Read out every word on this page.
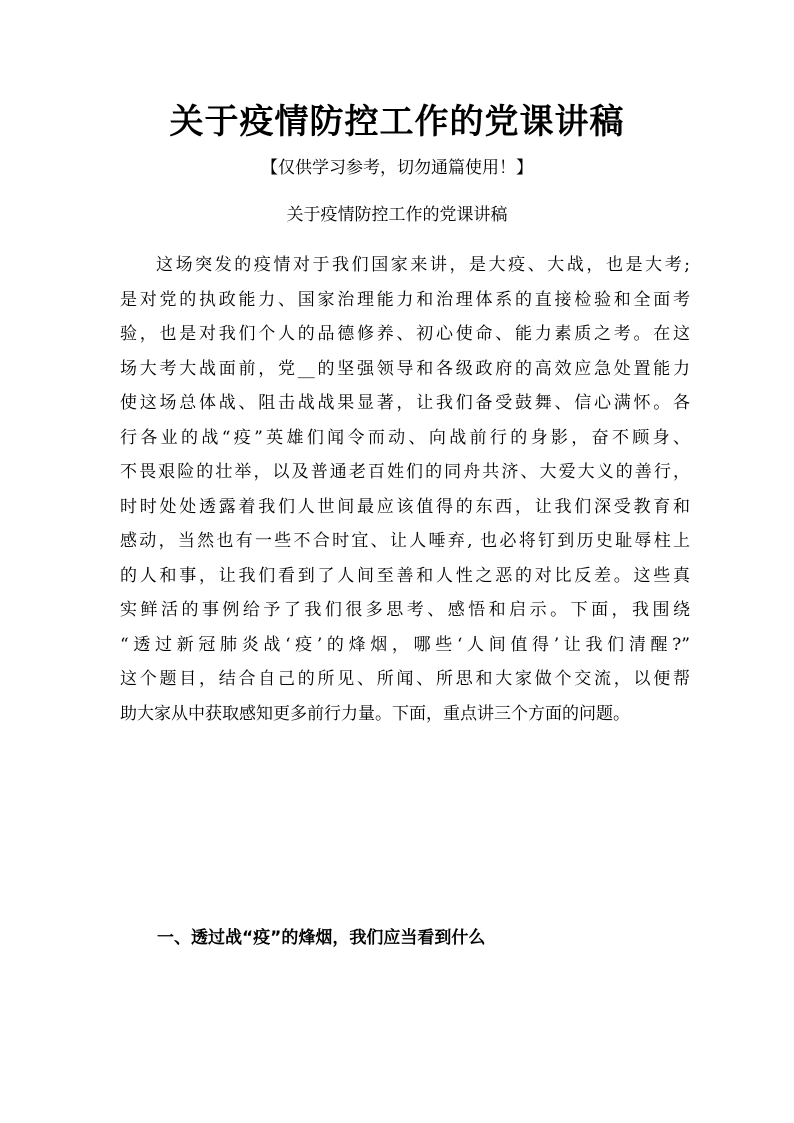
关于疫情防控工作的党课讲稿

【仅供学习参考，切勿通篇使用！】

关于疫情防控工作的党课讲稿

这场突发的疫情对于我们国家来讲，是大疫、大战，也是大考;
是对党的执政能力、国家治理能力和治理体系的直接检验和全面考
验，也是对我们个人的品德修养、初心使命、能力素质之考。在这
场大考大战面前，党__的坚强领导和各级政府的高效应急处置能力
使这场总体战、阻击战战果显著，让我们备受鼓舞、信心满怀。各
行各业的战“疫”英雄们闻令而动、向战前行的身影，奋不顾身、
不畏艰险的壮举，以及普通老百姓们的同舟共济、大爱大义的善行，
时时处处透露着我们人世间最应该值得的东西，让我们深受教育和
感动，当然也有一些不合时宜、让人唾弃, 也必将钉到历史耻辱柱上
的人和事，让我们看到了人间至善和人性之恶的对比反差。这些真
实鲜活的事例给予了我们很多思考、感悟和启示。下面，我围绕
“透过新冠肺炎战‘疫’的烽烟，哪些‘人间值得’让我们清醒?”
这个题目，结合自己的所见、所闻、所思和大家做个交流，以便帮
助大家从中获取感知更多前行力量。下面，重点讲三个方面的问题。
一、透过战“疫”的烽烟，我们应当看到什么
